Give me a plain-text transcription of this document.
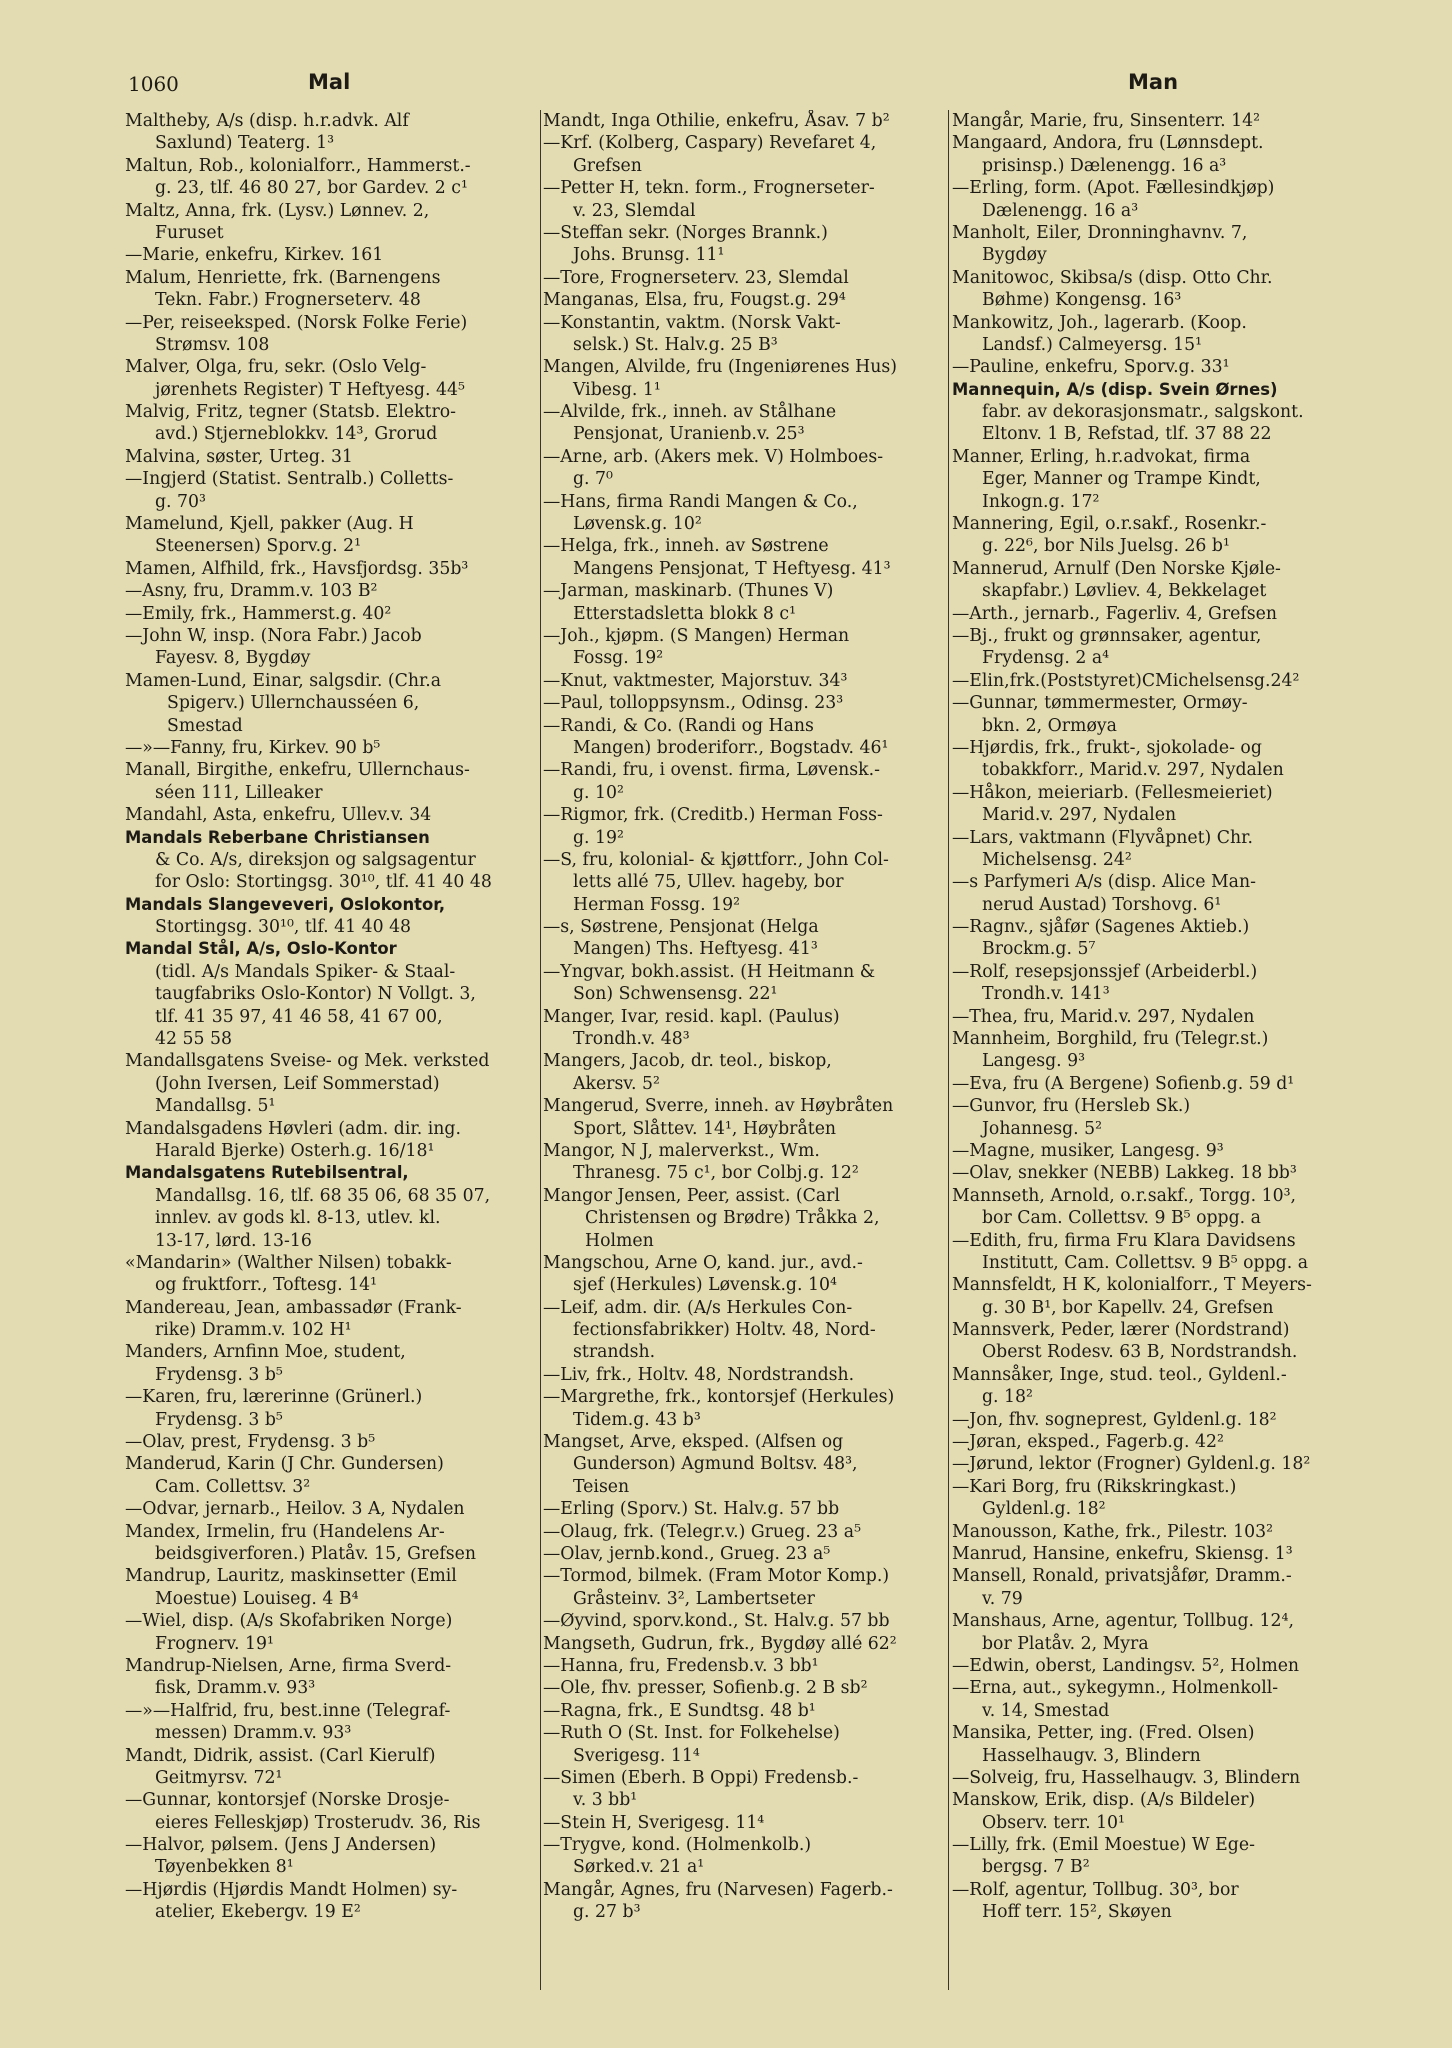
1060	Mal	Man
Maltheby, A/s (disp. h.r.advk. Alf
Saxlund) Teaterg. 1³
Maltun, Rob., kolonialforr., Hammerst.-
g. 23, tlf. 46 80 27, bor Gardev. 2 c¹
Maltz, Anna, frk. (Lysv.) Lønnev. 2,
Furuset
—Marie, enkefru, Kirkev. 161
Malum, Henriette, frk. (Barnengens
Tekn. Fabr.) Frognerseterv. 48
—Per, reiseeksped. (Norsk Folke Ferie)
Strømsv. 108
Malver, Olga, fru, sekr. (Oslo Velg-
jørenhets Register) T Heftyesg. 44⁵
Malvig, Fritz, tegner (Statsb. Elektro-
avd.) Stjerneblokkv. 14³, Grorud
Malvina, søster, Urteg. 31
—Ingjerd (Statist. Sentralb.) Colletts-
g. 70³
Mamelund, Kjell, pakker (Aug. H
Steenersen) Sporv.g. 2¹
Mamen, Alfhild, frk., Havsfjordsg. 35b³
—Asny, fru, Dramm.v. 103 B²
—Emily, frk., Hammerst.g. 40²
—John W, insp. (Nora Fabr.) Jacob
Fayesv. 8, Bygdøy
Mamen-Lund, Einar, salgsdir. (Chr.a
Spigerv.) Ullernchausséen 6,
Smestad
—»—Fanny, fru, Kirkev. 90 b⁵
Manall, Birgithe, enkefru, Ullernchaus-
séen 111, Lilleaker
Mandahl, Asta, enkefru, Ullev.v. 34
Mandals Reberbane Christiansen
& Co. A/s, direksjon og salgsagentur
for Oslo: Stortingsg. 30¹⁰, tlf. 41 40 48
Mandals Slangeveveri, Oslokontor,
Stortingsg. 30¹⁰, tlf. 41 40 48
Mandal Stål, A/s, Oslo-Kontor
(tidl. A/s Mandals Spiker- & Staal-
taugfabriks Oslo-Kontor) N Vollgt. 3,
tlf. 41 35 97, 41 46 58, 41 67 00,
42 55 58
Mandallsgatens Sveise- og Mek. verksted
(John Iversen, Leif Sommerstad)
Mandallsg. 5¹
Mandalsgadens Høvleri (adm. dir. ing.
Harald Bjerke) Osterh.g. 16/18¹
Mandalsgatens Rutebilsentral,
Mandallsg. 16, tlf. 68 35 06, 68 35 07,
innlev. av gods kl. 8-13, utlev. kl.
13-17, lørd. 13-16
«Mandarin» (Walther Nilsen) tobakk-
og fruktforr., Toftesg. 14¹
Mandereau, Jean, ambassadør (Frank-
rike) Dramm.v. 102 H¹
Manders, Arnfinn Moe, student,
Frydensg. 3 b⁵
—Karen, fru, lærerinne (Grünerl.)
Frydensg. 3 b⁵
—Olav, prest, Frydensg. 3 b⁵
Manderud, Karin (J Chr. Gundersen)
Cam. Collettsv. 3²
—Odvar, jernarb., Heilov. 3 A, Nydalen
Mandex, Irmelin, fru (Handelens Ar-
beidsgiverforen.) Platåv. 15, Grefsen
Mandrup, Lauritz, maskinsetter (Emil
Moestue) Louiseg. 4 B⁴
—Wiel, disp. (A/s Skofabriken Norge)
Frognerv. 19¹
Mandrup-Nielsen, Arne, firma Sverd-
fisk, Dramm.v. 93³
—»—Halfrid, fru, best.inne (Telegraf-
messen) Dramm.v. 93³
Mandt, Didrik, assist. (Carl Kierulf)
Geitmyrsv. 72¹
—Gunnar, kontorsjef (Norske Drosje-
eieres Felleskjøp) Trosterudv. 36, Ris
—Halvor, pølsem. (Jens J Andersen)
Tøyenbekken 8¹
—Hjørdis (Hjørdis Mandt Holmen) sy-
atelier, Ekebergv. 19 E²
Mandt, Inga Othilie, enkefru, Åsav. 7 b²
—Krf. (Kolberg, Caspary) Revefaret 4,
Grefsen
—Petter H, tekn. form., Frognerseter-
v. 23, Slemdal
—Steffan sekr. (Norges Brannk.)
Johs. Brunsg. 11¹
—Tore, Frognerseterv. 23, Slemdal
Manganas, Elsa, fru, Fougst.g. 29⁴
—Konstantin, vaktm. (Norsk Vakt-
selsk.) St. Halv.g. 25 B³
Mangen, Alvilde, fru (Ingeniørenes Hus)
Vibesg. 1¹
—Alvilde, frk., inneh. av Stålhane
Pensjonat, Uranienb.v. 25³
—Arne, arb. (Akers mek. V) Holmboes-
g. 7⁰
—Hans, firma Randi Mangen & Co.,
Løvensk.g. 10²
—Helga, frk., inneh. av Søstrene
Mangens Pensjonat, T Heftyesg. 41³
—Jarman, maskinarb. (Thunes V)
Etterstadsletta blokk 8 c¹
—Joh., kjøpm. (S Mangen) Herman
Fossg. 19²
—Knut, vaktmester, Majorstuv. 34³
—Paul, tolloppsynsm., Odinsg. 23³
—Randi, & Co. (Randi og Hans
Mangen) broderiforr., Bogstadv. 46¹
—Randi, fru, i ovenst. firma, Løvensk.-
g. 10²
—Rigmor, frk. (Creditb.) Herman Foss-
g. 19²
—S, fru, kolonial- & kjøttforr., John Col-
letts allé 75, Ullev. hageby, bor
Herman Fossg. 19²
—s, Søstrene, Pensjonat (Helga
Mangen) Ths. Heftyesg. 41³
—Yngvar, bokh.assist. (H Heitmann &
Son) Schwensensg. 22¹
Manger, Ivar, resid. kapl. (Paulus)
Trondh.v. 48³
Mangers, Jacob, dr. teol., biskop,
Akersv. 5²
Mangerud, Sverre, inneh. av Høybråten
Sport, Slåttev. 14¹, Høybråten
Mangor, N J, malerverkst., Wm.
Thranesg. 75 c¹, bor Colbj.g. 12²
Mangor Jensen, Peer, assist. (Carl
Christensen og Brødre) Tråkka 2,
Holmen
Mangschou, Arne O, kand. jur., avd.-
sjef (Herkules) Løvensk.g. 10⁴
—Leif, adm. dir. (A/s Herkules Con-
fectionsfabrikker) Holtv. 48, Nord-
strandsh.
—Liv, frk., Holtv. 48, Nordstrandsh.
—Margrethe, frk., kontorsjef (Herkules)
Tidem.g. 43 b³
Mangset, Arve, eksped. (Alfsen og
Gunderson) Agmund Boltsv. 48³,
Teisen
—Erling (Sporv.) St. Halv.g. 57 bb
—Olaug, frk. (Telegr.v.) Grueg. 23 a⁵
—Olav, jernb.kond., Grueg. 23 a⁵
—Tormod, bilmek. (Fram Motor Komp.)
Gråsteinv. 3², Lambertseter
—Øyvind, sporv.kond., St. Halv.g. 57 bb
Mangseth, Gudrun, frk., Bygdøy allé 62²
—Hanna, fru, Fredensb.v. 3 bb¹
—Ole, fhv. presser, Sofienb.g. 2 B sb²
—Ragna, frk., E Sundtsg. 48 b¹
—Ruth O (St. Inst. for Folkehelse)
Sverigesg. 11⁴
—Simen (Eberh. B Oppi) Fredensb.-
v. 3 bb¹
—Stein H, Sverigesg. 11⁴
—Trygve, kond. (Holmenkolb.)
Sørked.v. 21 a¹
Mangår, Agnes, fru (Narvesen) Fagerb.-
g. 27 b³
Mangår, Marie, fru, Sinsenterr. 14²
Mangaard, Andora, fru (Lønnsdept.
prisinsp.) Dælenengg. 16 a³
—Erling, form. (Apot. Fællesindkjøp)
Dælenengg. 16 a³
Manholt, Eiler, Dronninghavnv. 7,
Bygdøy
Manitowoc, Skibsa/s (disp. Otto Chr.
Bøhme) Kongensg. 16³
Mankowitz, Joh., lagerarb. (Koop.
Landsf.) Calmeyersg. 15¹
—Pauline, enkefru, Sporv.g. 33¹
Mannequin, A/s (disp. Svein Ørnes)
fabr. av dekorasjonsmatr., salgskont.
Eltonv. 1 B, Refstad, tlf. 37 88 22
Manner, Erling, h.r.advokat, firma
Eger, Manner og Trampe Kindt,
Inkogn.g. 17²
Mannering, Egil, o.r.sakf., Rosenkr.-
g. 22⁶, bor Nils Juelsg. 26 b¹
Mannerud, Arnulf (Den Norske Kjøle-
skapfabr.) Løvliev. 4, Bekkelaget
—Arth., jernarb., Fagerliv. 4, Grefsen
—Bj., frukt og grønnsaker, agentur,
Frydensg. 2 a⁴
—Elin,frk.(Poststyret)CMichelsensg.24²
—Gunnar, tømmermester, Ormøy-
bkn. 2, Ormøya
—Hjørdis, frk., frukt-, sjokolade- og
tobakkforr., Marid.v. 297, Nydalen
—Håkon, meieriarb. (Fellesmeieriet)
Marid.v. 297, Nydalen
—Lars, vaktmann (Flyvåpnet) Chr.
Michelsensg. 24²
—s Parfymeri A/s (disp. Alice Man-
nerud Austad) Torshovg. 6¹
—Ragnv., sjåfør (Sagenes Aktieb.)
Brockm.g. 5⁷
—Rolf, resepsjonssjef (Arbeiderbl.)
Trondh.v. 141³
—Thea, fru, Marid.v. 297, Nydalen
Mannheim, Borghild, fru (Telegr.st.)
Langesg. 9³
—Eva, fru (A Bergene) Sofienb.g. 59 d¹
—Gunvor, fru (Hersleb Sk.)
Johannesg. 5²
—Magne, musiker, Langesg. 9³
—Olav, snekker (NEBB) Lakkeg. 18 bb³
Mannseth, Arnold, o.r.sakf., Torgg. 10³,
bor Cam. Collettsv. 9 B⁵ oppg. a
—Edith, fru, firma Fru Klara Davidsens
Institutt, Cam. Collettsv. 9 B⁵ oppg. a
Mannsfeldt, H K, kolonialforr., T Meyers-
g. 30 B¹, bor Kapellv. 24, Grefsen
Mannsverk, Peder, lærer (Nordstrand)
Oberst Rodesv. 63 B, Nordstrandsh.
Mannsåker, Inge, stud. teol., Gyldenl.-
g. 18²
—Jon, fhv. sogneprest, Gyldenl.g. 18²
—Jøran, eksped., Fagerb.g. 42²
—Jørund, lektor (Frogner) Gyldenl.g. 18²
—Kari Borg, fru (Rikskringkast.)
Gyldenl.g. 18²
Manousson, Kathe, frk., Pilestr. 103²
Manrud, Hansine, enkefru, Skiensg. 1³
Mansell, Ronald, privatsjåfør, Dramm.-
v. 79
Manshaus, Arne, agentur, Tollbug. 12⁴,
bor Platåv. 2, Myra
—Edwin, oberst, Landingsv. 5², Holmen
—Erna, aut., sykegymn., Holmenkoll-
v. 14, Smestad
Mansika, Petter, ing. (Fred. Olsen)
Hasselhaugv. 3, Blindern
—Solveig, fru, Hasselhaugv. 3, Blindern
Manskow, Erik, disp. (A/s Bildeler)
Observ. terr. 10¹
—Lilly, frk. (Emil Moestue) W Ege-
bergsg. 7 B²
—Rolf, agentur, Tollbug. 30³, bor
Hoff terr. 15², Skøyen
